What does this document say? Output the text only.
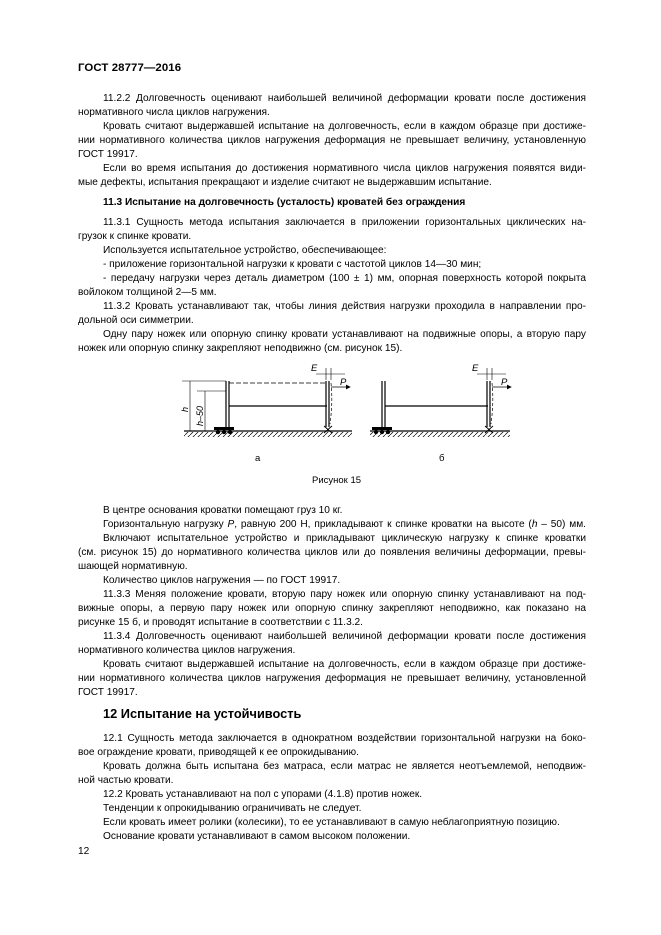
ГОСТ 28777—2016

11.2.2 Долговечность оценивают наибольшей величиной деформации кровати после достижения

нормативного числа циклов нагружения.

Кровать считают выдержавшей испытание на долговечность, если в каждом образце при достиже-

нии нормативного количества циклов нагружения деформация не превышает величину, установленную

ГОСТ 19917.

Если во время испытания до достижения нормативного числа циклов нагружения появятся види-

мые дефекты, испытания прекращают и изделие считают не выдержавшим испытание.

11.3 Испытание на долговечность (усталость) кроватей без ограждения

11.3.1 Сущность метода испытания заключается в приложении горизонтальных циклических на-

грузок к спинке кровати.

Используется испытательное устройство, обеспечивающее:

- приложение горизонтальной нагрузки к кровати с частотой циклов 14—30 мин;

- передачу нагрузки через деталь диаметром (100 ± 1) мм, опорная поверхность которой покрыта

войлоком толщиной 2—5 мм.

11.3.2 Кровать устанавливают так, чтобы линия действия нагрузки проходила в направлении про-

дольной оси симметрии.

Одну пару ножек или опорную спинку кровати устанавливают на подвижные опоры, а вторую пару

ножек или опорную спинку закрепляют неподвижно (см. рисунок 15).

E
P
E
P
h h–50
а	б
Рисунок 15

В центре основания кроватки помещают груз 10 кг.

Горизонтальную нагрузку P, равную 200 Н, прикладывают к спинке кроватки на высоте (h – 50) мм.

Включают испытательное устройство и прикладывают циклическую нагрузку к спинке кроватки

(см. рисунок 15) до нормативного количества циклов или до появления величины деформации, превы-

шающей нормативную.

Количество циклов нагружения — по ГОСТ 19917.

11.3.3 Меняя положение кровати, вторую пару ножек или опорную спинку устанавливают на под-

вижные опоры, а первую пару ножек или опорную спинку закрепляют неподвижно, как показано на

рисунке 15 б, и проводят испытание в соответствии с 11.3.2.

11.3.4 Долговечность оценивают наибольшей величиной деформации кровати после достижения

нормативного количества циклов нагружения.

Кровать считают выдержавшей испытание на долговечность, если в каждом образце при достиже-

нии нормативного количества циклов нагружения деформация не превышает величину, установленной

ГОСТ 19917.

12 Испытание на устойчивость

12.1 Сущность метода заключается в однократном воздействии горизонтальной нагрузки на боко-

вое ограждение кровати, приводящей к ее опрокидыванию.

Кровать должна быть испытана без матраса, если матрас не является неотъемлемой, неподвиж-

ной частью кровати.

12.2 Кровать устанавливают на пол с упорами (4.1.8) против ножек.

Тенденции к опрокидыванию ограничивать не следует.

Если кровать имеет ролики (колесики), то ее устанавливают в самую неблагоприятную позицию.

Основание кровати устанавливают в самом высоком положении.

12
